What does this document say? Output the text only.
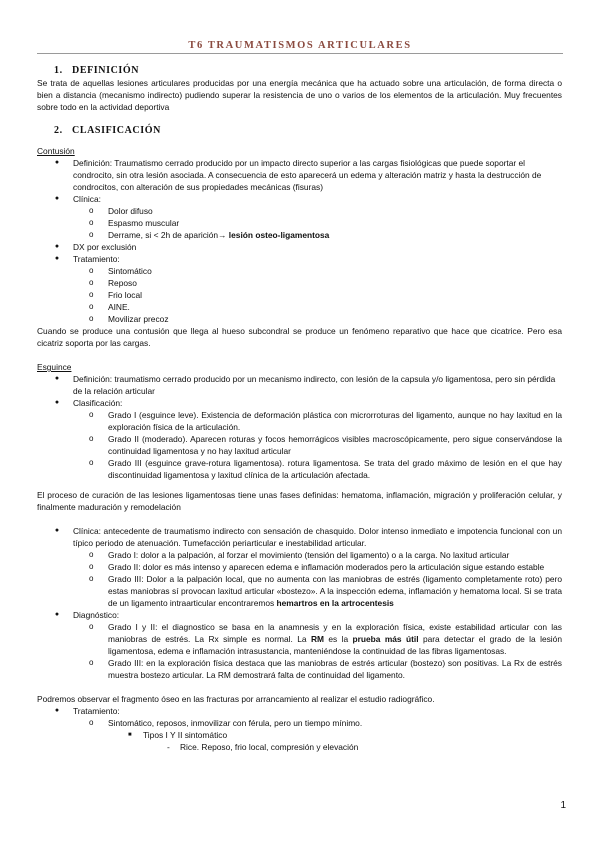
T6 TRAUMATISMOS ARTICULARES
1. DEFINICIÓN

Se trata de aquellas lesiones articulares producidas por una energía mecánica que ha actuado sobre una articulación, de forma directa o bien a distancia (mecanismo indirecto) pudiendo superar la resistencia de uno o varios de los elementos de la articulación. Muy frecuentes sobre todo en la actividad deportiva

2. CLASIFICACIÓN

Contusión

●	Definición: Traumatismo cerrado producido por un impacto directo superior a las cargas fisiológicas que puede soportar el condrocito, sin otra lesión asociada. A consecuencia de esto aparecerá un edema y alteración matriz y hasta la destrucción de condrocitos, con alteración de sus propiedades mecánicas (fisuras)
●	Clínica:
o Dolor difuso
o Espasmo muscular
o Derrame, si < 2h de aparición→ lesión osteo-ligamentosa
●	DX por exclusión
●	Tratamiento:
o Sintomático
o Reposo
o Frio local
o AINE.
o Movilizar precoz

Cuando se produce una contusión que llega al hueso subcondral se produce un fenómeno reparativo que hace que cicatrice. Pero esa cicatriz soporta por las cargas.

Esguince

●	Definición: traumatismo cerrado producido por un mecanismo indirecto, con lesión de la capsula y/o ligamentosa, pero sin pérdida de la relación articular
●	Clasificación:
o Grado I (esguince leve). Existencia de deformación plástica con microrroturas del ligamento, aunque no hay laxitud en la exploración física de la articulación.
o Grado II (moderado). Aparecen roturas y focos hemorrágicos visibles macroscópicamente, pero sigue conservándose la continuidad ligamentosa y no hay laxitud articular
o Grado III (esguince grave-rotura ligamentosa). rotura ligamentosa. Se trata del grado máximo de lesión en el que hay discontinuidad ligamentosa y laxitud clínica de la articulación afectada.

El proceso de curación de las lesiones ligamentosas tiene unas fases definidas: hematoma, inflamación, migración y proliferación celular, y finalmente maduración y remodelación

●	Clínica: antecedente de traumatismo indirecto con sensación de chasquido. Dolor intenso inmediato e impotencia funcional con un típico periodo de atenuación. Tumefacción periarticular e inestabilidad articular.
o Grado I: dolor a la palpación, al forzar el movimiento (tensión del ligamento) o a la carga. No laxitud articular
o Grado II: dolor es más intenso y aparecen edema e inflamación moderados pero la articulación sigue estando estable
o Grado III: Dolor a la palpación local, que no aumenta con las maniobras de estrés (ligamento completamente roto) pero estas maniobras sí provocan laxitud articular «bostezo». A la inspección edema, inflamación y hematoma local. Si se trata de un ligamento intraarticular encontraremos hemartros en la artrocentesis
●	Diagnóstico:
o Grado I y II: el diagnostico se basa en la anamnesis y en la exploración física, existe estabilidad articular con las maniobras de estrés. La Rx simple es normal. La RM es la prueba más útil para detectar el grado de la lesión ligamentosa, edema e inflamación intrasustancia, manteniéndose la continuidad de las fibras ligamentosas.
o Grado III: en la exploración física destaca que las maniobras de estrés articular (bostezo) son positivas. La Rx de estrés muestra bostezo articular. La RM demostrará falta de continuidad del ligamento.

Podremos observar el fragmento óseo en las fracturas por arrancamiento al realizar el estudio radiográfico.

●	Tratamiento:
o Sintomático, reposos, inmovilizar con férula, pero un tiempo mínimo.
■ Tipos I Y II sintomático
- Rice. Reposo, frio local, compresión y elevación
1
